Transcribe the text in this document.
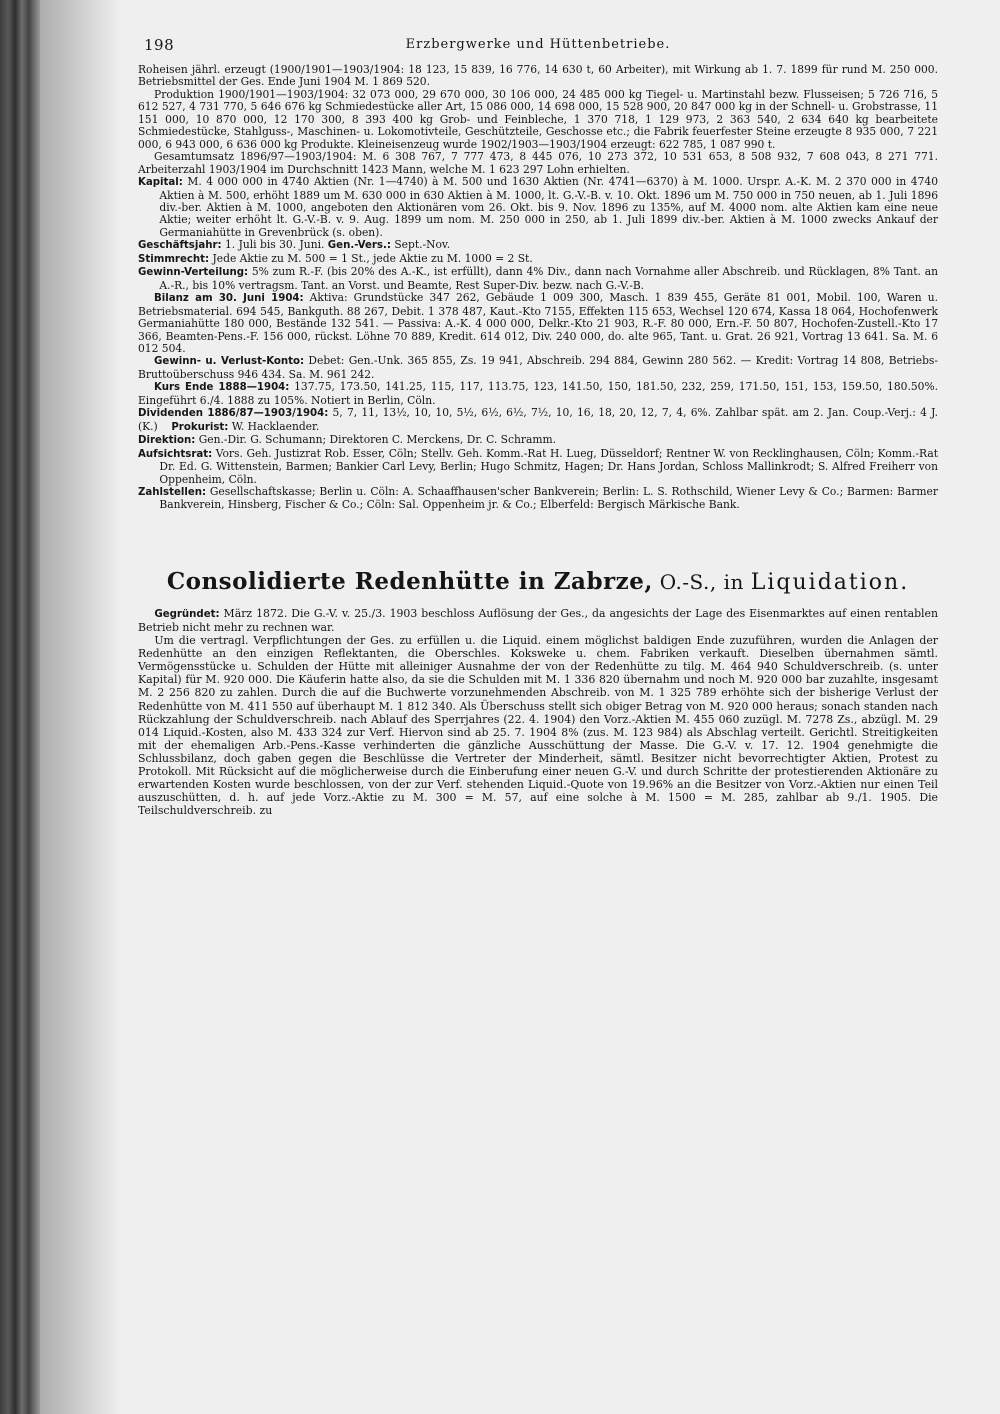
198	Erzbergwerke und Hüttenbetriebe.

Roheisen jährl. erzeugt (1900/1901—1903/1904: 18 123, 15 839, 16 776, 14 630 t, 60 Arbeiter), mit Wirkung ab 1. 7. 1899 für rund M. 250 000. Betriebsmittel der Ges. Ende Juni 1904 M. 1 869 520.

Produktion 1900/1901—1903/1904: 32 073 000, 29 670 000, 30 106 000, 24 485 000 kg Tiegel- u. Martinstahl bezw. Flusseisen; 5 726 716, 5 612 527, 4 731 770, 5 646 676 kg Schmiedestücke aller Art, 15 086 000, 14 698 000, 15 528 900, 20 847 000 kg in der Schnell- u. Grobstrasse, 11 151 000, 10 870 000, 12 170 300, 8 393 400 kg Grob- und Feinbleche, 1 370 718, 1 129 973, 2 363 540, 2 634 640 kg bearbeitete Schmiedestücke, Stahlguss-, Maschinen- u. Lokomotivteile, Geschützteile, Geschosse etc.; die Fabrik feuerfester Steine erzeugte 8 935 000, 7 221 000, 6 943 000, 6 636 000 kg Produkte. Kleineisenzeug wurde 1902/1903—1903/1904 erzeugt: 622 785, 1 087 990 t.

Gesamtumsatz 1896/97—1903/1904: M. 6 308 767, 7 777 473, 8 445 076, 10 273 372, 10 531 653, 8 508 932, 7 608 043, 8 271 771. Arbeiterzahl 1903/1904 im Durchschnitt 1423 Mann, welche M. 1 623 297 Lohn erhielten.

Kapital: M. 4 000 000 in 4740 Aktien (Nr. 1—4740) à M. 500 und 1630 Aktien (Nr. 4741—6370) à M. 1000. Urspr. A.-K. M. 2 370 000 in 4740 Aktien à M. 500, erhöht 1889 um M. 630 000 in 630 Aktien à M. 1000, lt. G.-V.-B. v. 10. Okt. 1896 um M. 750 000 in 750 neuen, ab 1. Juli 1896 div.-ber. Aktien à M. 1000, angeboten den Aktionären vom 26. Okt. bis 9. Nov. 1896 zu 135%, auf M. 4000 nom. alte Aktien kam eine neue Aktie; weiter erhöht lt. G.-V.-B. v. 9. Aug. 1899 um nom. M. 250 000 in 250, ab 1. Juli 1899 div.-ber. Aktien à M. 1000 zwecks Ankauf der Germaniahütte in Grevenbrück (s. oben).

Geschäftsjahr: 1. Juli bis 30. Juni. Gen.-Vers.: Sept.-Nov.

Stimmrecht: Jede Aktie zu M. 500 = 1 St., jede Aktie zu M. 1000 = 2 St.

Gewinn-Verteilung: 5% zum R.-F. (bis 20% des A.-K., ist erfüllt), dann 4% Div., dann nach Vornahme aller Abschreib. und Rücklagen, 8% Tant. an A.-R., bis 10% vertragsm. Tant. an Vorst. und Beamte, Rest Super-Div. bezw. nach G.-V.-B.

Bilanz am 30. Juni 1904: Aktiva: Grundstücke 347 262, Gebäude 1 009 300, Masch. 1 839 455, Geräte 81 001, Mobil. 100, Waren u. Betriebsmaterial. 694 545, Bankguth. 88 267, Debit. 1 378 487, Kaut.-Kto 7155, Effekten 115 653, Wechsel 120 674, Kassa 18 064, Hochofenwerk Germaniahütte 180 000, Bestände 132 541. — Passiva: A.-K. 4 000 000, Delkr.-Kto 21 903, R.-F. 80 000, Ern.-F. 50 807, Hochofen-Zustell.-Kto 17 366, Beamten-Pens.-F. 156 000, rückst. Löhne 70 889, Kredit. 614 012, Div. 240 000, do. alte 965, Tant. u. Grat. 26 921, Vortrag 13 641. Sa. M. 6 012 504.

Gewinn- u. Verlust-Konto: Debet: Gen.-Unk. 365 855, Zs. 19 941, Abschreib. 294 884, Gewinn 280 562. — Kredit: Vortrag 14 808, Betriebs-Bruttoüberschuss 946 434. Sa. M. 961 242.

Kurs Ende 1888—1904: 137.75, 173.50, 141.25, 115, 117, 113.75, 123, 141.50, 150, 181.50, 232, 259, 171.50, 151, 153, 159.50, 180.50%. Eingeführt 6./4. 1888 zu 105%. Notiert in Berlin, Cöln.

Dividenden 1886/87—1903/1904: 5, 7, 11, 13½, 10, 10, 5½, 6½, 6½, 7½, 10, 16, 18, 20, 12, 7, 4, 6%. Zahlbar spät. am 2. Jan. Coup.-Verj.: 4 J. (K.) Prokurist: W. Hacklaender.

Direktion: Gen.-Dir. G. Schumann; Direktoren C. Merckens, Dr. C. Schramm.

Aufsichtsrat: Vors. Geh. Justizrat Rob. Esser, Cöln; Stellv. Geh. Komm.-Rat H. Lueg, Düsseldorf; Rentner W. von Recklinghausen, Cöln; Komm.-Rat Dr. Ed. G. Wittenstein, Barmen; Bankier Carl Levy, Berlin; Hugo Schmitz, Hagen; Dr. Hans Jordan, Schloss Mallinkrodt; S. Alfred Freiherr von Oppenheim, Cöln.

Zahlstellen: Gesellschaftskasse; Berlin u. Cöln: A. Schaaffhausen'scher Bankverein; Berlin: L. S. Rothschild, Wiener Levy & Co.; Barmen: Barmer Bankverein, Hinsberg, Fischer & Co.; Cöln: Sal. Oppenheim jr. & Co.; Elberfeld: Bergisch Märkische Bank.

Consolidierte Redenhütte in Zabrze, O.-S., in Liquidation.

Gegründet: März 1872. Die G.-V. v. 25./3. 1903 beschloss Auflösung der Ges., da angesichts der Lage des Eisenmarktes auf einen rentablen Betrieb nicht mehr zu rechnen war.

Um die vertragl. Verpflichtungen der Ges. zu erfüllen u. die Liquid. einem möglichst baldigen Ende zuzuführen, wurden die Anlagen der Redenhütte an den einzigen Reflektanten, die Oberschles. Koksweke u. chem. Fabriken verkauft. Dieselben übernahmen sämtl. Vermögensstücke u. Schulden der Hütte mit alleiniger Ausnahme der von der Redenhütte zu tilg. M. 464 940 Schuldverschreib. (s. unter Kapital) für M. 920 000. Die Käuferin hatte also, da sie die Schulden mit M. 1 336 820 übernahm und noch M. 920 000 bar zuzahlte, insgesamt M. 2 256 820 zu zahlen. Durch die auf die Buchwerte vorzunehmenden Abschreib. von M. 1 325 789 erhöhte sich der bisherige Verlust der Redenhütte von M. 411 550 auf überhaupt M. 1 812 340. Als Überschuss stellt sich obiger Betrag von M. 920 000 heraus; sonach standen nach Rückzahlung der Schuldverschreib. nach Ablauf des Sperrjahres (22. 4. 1904) den Vorz.-Aktien M. 455 060 zuzügl. M. 7278 Zs., abzügl. M. 29 014 Liquid.-Kosten, also M. 433 324 zur Verf. Hiervon sind ab 25. 7. 1904 8% (zus. M. 123 984) als Abschlag verteilt. Gerichtl. Streitigkeiten mit der ehemaligen Arb.-Pens.-Kasse verhinderten die gänzliche Ausschüttung der Masse. Die G.-V. v. 17. 12. 1904 genehmigte die Schlussbilanz, doch gaben gegen die Beschlüsse die Vertreter der Minderheit, sämtl. Besitzer nicht bevorrechtigter Aktien, Protest zu Protokoll. Mit Rücksicht auf die möglicherweise durch die Einberufung einer neuen G.-V. und durch Schritte der protestierenden Aktionäre zu erwartenden Kosten wurde beschlossen, von der zur Verf. stehenden Liquid.-Quote von 19.96% an die Besitzer von Vorz.-Aktien nur einen Teil auszuschütten, d. h. auf jede Vorz.-Aktie zu M. 300 = M. 57, auf eine solche à M. 1500 = M. 285, zahlbar ab 9./1. 1905. Die Teilschuldverschreib. zu
